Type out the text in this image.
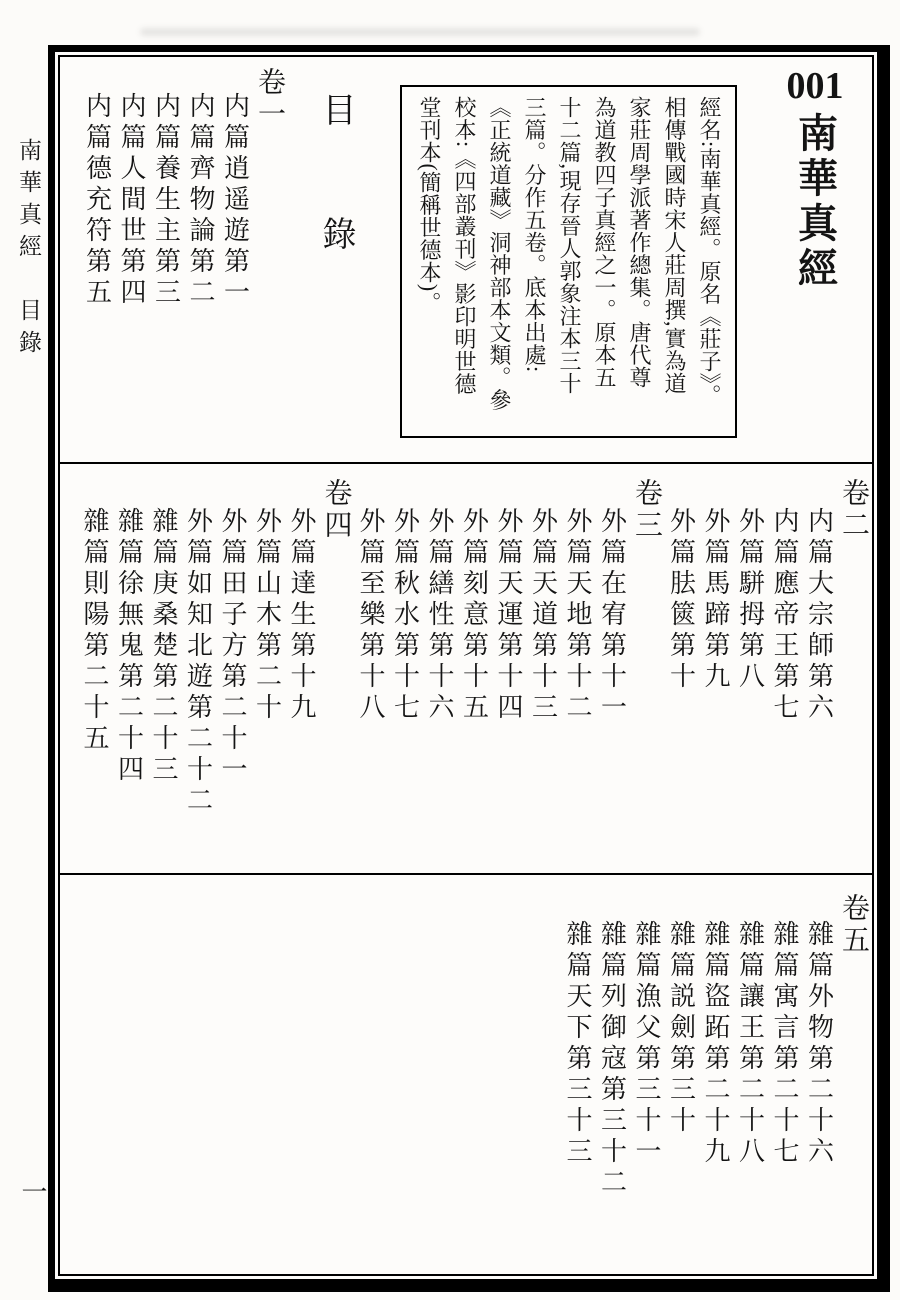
南華真經　目錄
一
001
南華真經
經名:南華真經。原名《莊子》。
相傳戰國時宋人莊周撰,實為道
家莊周學派著作總集。唐代尊
為道教四子真經之一。原本五
十二篇,現存晉人郭象注本三十
三篇。分作五卷。底本出處:
《正統道藏》洞神部本文類。參
校本:《四部叢刊》影印明世德
堂刊本(簡稱世德本)。
目　錄
卷一
内篇逍遥遊第一
内篇齊物論第二
内篇養生主第三
内篇人間世第四
内篇德充符第五
卷二
内篇大宗師第六
内篇應帝王第七
外篇駢拇第八
外篇馬蹄第九
外篇胠篋第十
卷三
外篇在宥第十一
外篇天地第十二
外篇天道第十三
外篇天運第十四
外篇刻意第十五
外篇繕性第十六
外篇秋水第十七
外篇至樂第十八
卷四
外篇達生第十九
外篇山木第二十
外篇田子方第二十一
外篇如知北遊第二十二
雜篇庚桑楚第二十三
雜篇徐無鬼第二十四
雜篇則陽第二十五
卷五
雜篇外物第二十六
雜篇寓言第二十七
雜篇讓王第二十八
雜篇盜跖第二十九
雜篇説劍第三十
雜篇漁父第三十一
雜篇列御寇第三十二
雜篇天下第三十三
